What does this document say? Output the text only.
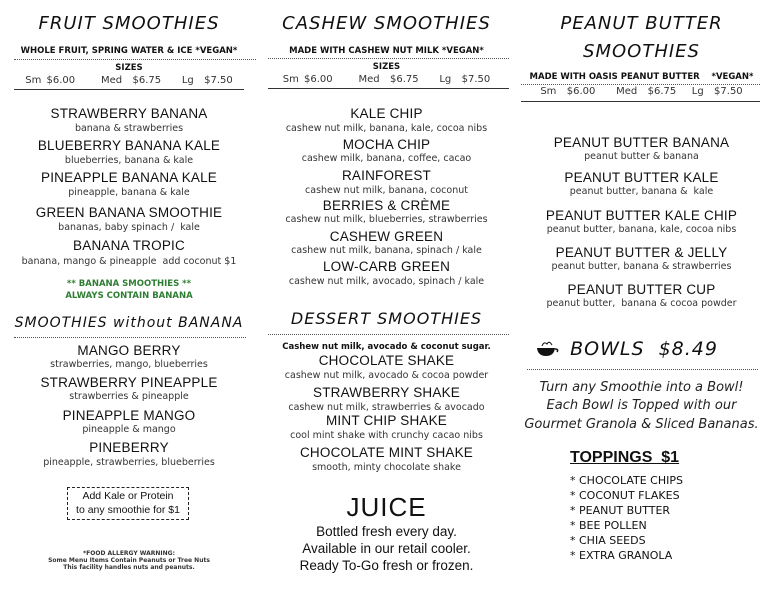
FRUIT SMOOTHIES
WHOLE FRUIT, SPRING WATER & ICE *VEGAN*
SIZES
Sm $6.00     Med  $6.75    Lg  $7.50
STRAWBERRY BANANA
banana & strawberries
BLUEBERRY BANANA KALE
blueberries, banana & kale
PINEAPPLE BANANA KALE
pineapple, banana & kale
GREEN BANANA SMOOTHIE
bananas, baby spinach /  kale
BANANA TROPIC
banana, mango & pineapple  add coconut $1
** BANANA SMOOTHIES **
ALWAYS CONTAIN BANANA
SMOOTHIES without BANANA
MANGO BERRY
strawberries, mango, blueberries
STRAWBERRY PINEAPPLE
strawberries & pineapple
PINEAPPLE MANGO
pineapple & mango
PINEBERRY
pineapple, strawberries, blueberries
Add Kale or Protein
to any smoothie for $1
*FOOD ALLERGY WARNING:
Some Menu Items Contain Peanuts or Tree Nuts
This facility handles nuts and peanuts.
CASHEW SMOOTHIES
MADE WITH CASHEW NUT MILK *VEGAN*
SIZES
Sm $6.00     Med  $6.75    Lg  $7.50
KALE CHIP
cashew nut milk, banana, kale, cocoa nibs
MOCHA CHIP
cashew milk, banana, coffee, cacao
RAINFOREST
cashew nut milk, banana, coconut
BERRIES & CRÈME
cashew nut milk, blueberries, strawberries
CASHEW GREEN
cashew nut milk, banana, spinach / kale
LOW-CARB GREEN
cashew nut milk, avocado, spinach / kale
DESSERT SMOOTHIES
Cashew nut milk, avocado & coconut sugar.
CHOCOLATE SHAKE
cashew nut milk, avocado & cocoa powder
STRAWBERRY SHAKE
cashew nut milk, strawberries & avocado
MINT CHIP SHAKE
cool mint shake with crunchy cacao nibs
CHOCOLATE MINT SHAKE
smooth, minty chocolate shake
JUICE
Bottled fresh every day.
Available in our retail cooler.
Ready To-Go fresh or frozen.
PEANUT BUTTER
SMOOTHIES
MADE WITH OASIS PEANUT BUTTER    *VEGAN*
Sm  $6.00    Med  $6.75   Lg  $7.50
PEANUT BUTTER BANANA
peanut butter & banana
PEANUT BUTTER KALE
peanut butter, banana &  kale
PEANUT BUTTER KALE CHIP
peanut butter, banana, kale, cocoa nibs
PEANUT BUTTER & JELLY
peanut butter, banana & strawberries
PEANUT BUTTER CUP
peanut butter,  banana & cocoa powder
BOWLS  $8.49
Turn any Smoothie into a Bowl!
Each Bowl is Topped with our
Gourmet Granola & Sliced Bananas.
TOPPINGS  $1
* CHOCOLATE CHIPS
* COCONUT FLAKES
* PEANUT BUTTER
* BEE POLLEN
* CHIA SEEDS
* EXTRA GRANOLA
